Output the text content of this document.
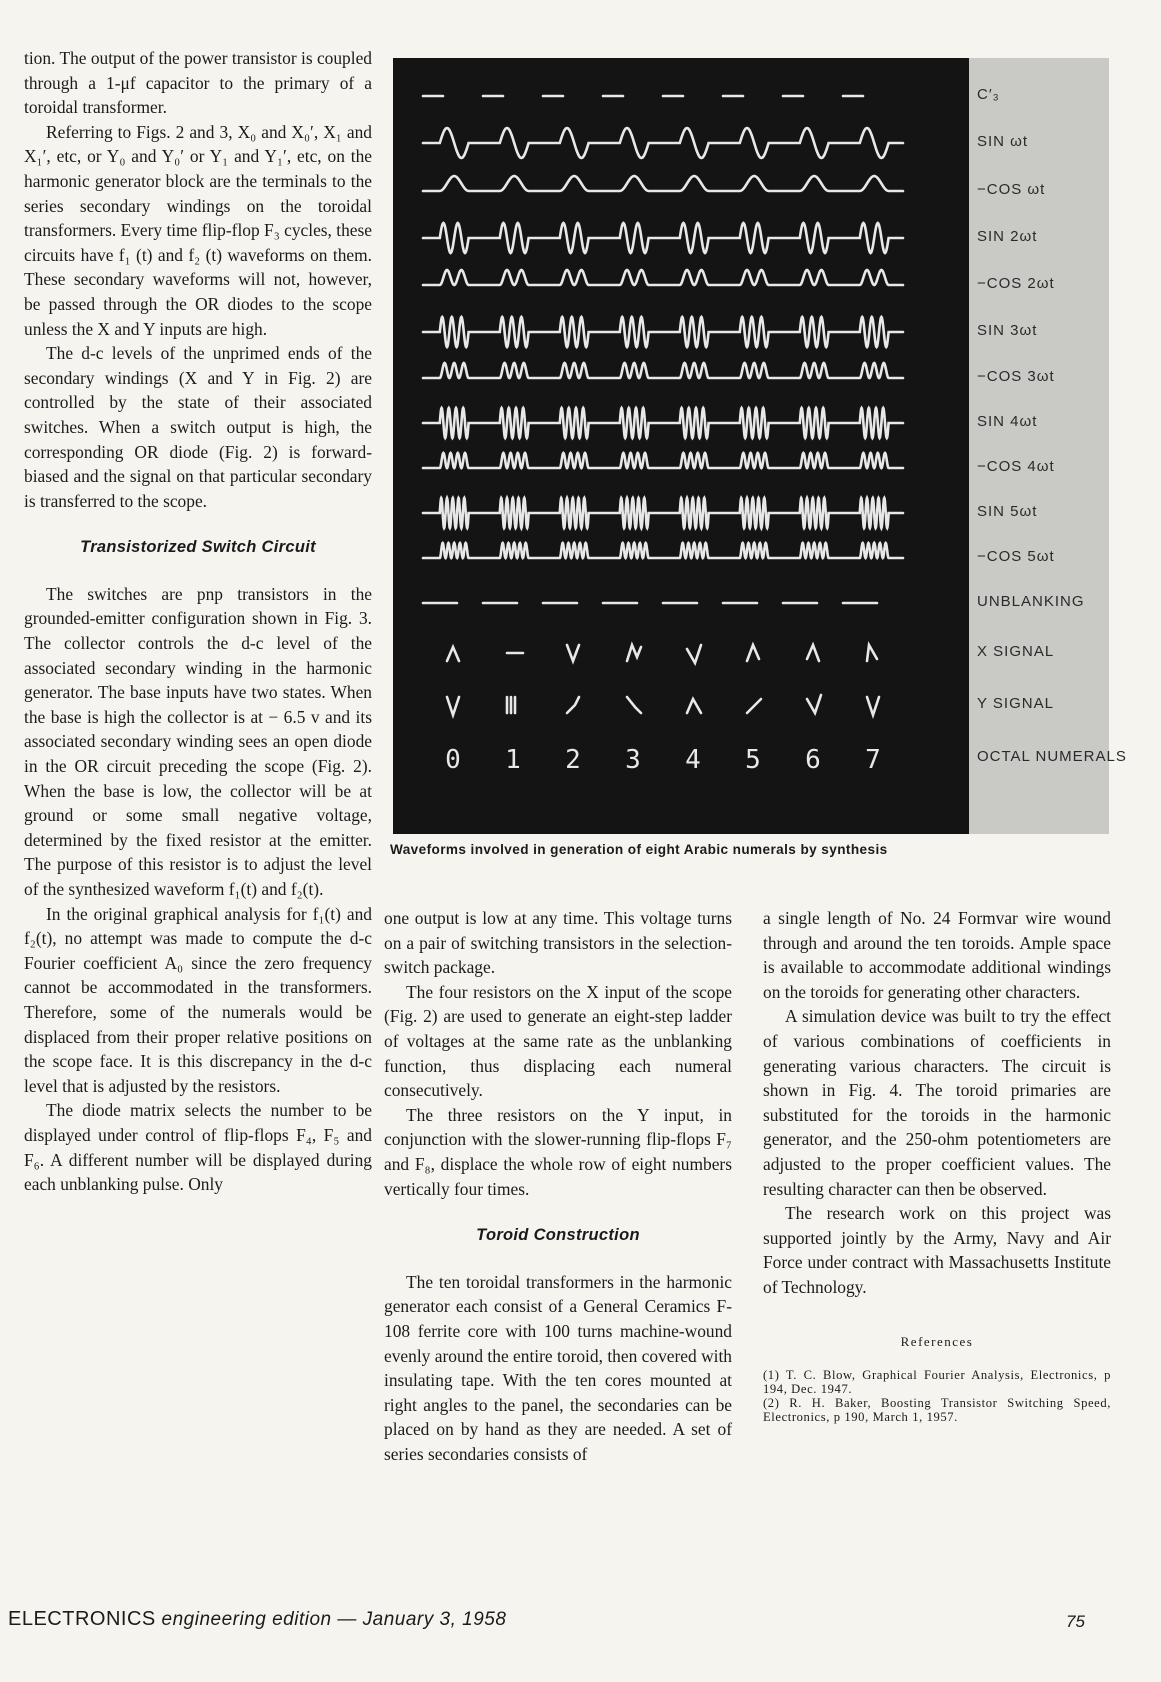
tion. The output of the power transistor is coupled through a 1-μf capacitor to the primary of a toroidal transformer.

Referring to Figs. 2 and 3, X₀ and X₀′, X₁ and X₁′, etc, or Y₀ and Y₀′ or Y₁ and Y₁′, etc, on the harmonic generator block are the terminals to the series secondary windings on the toroidal transformers. Every time flip-flop F₃ cycles, these circuits have f₁ (t) and f₂ (t) waveforms on them. These secondary waveforms will not, however, be passed through the OR diodes to the scope unless the X and Y inputs are high.

The d-c levels of the unprimed ends of the secondary windings (X and Y in Fig. 2) are controlled by the state of their associated switches. When a switch output is high, the corresponding OR diode (Fig. 2) is forward-biased and the signal on that particular secondary is transferred to the scope.

Transistorized Switch Circuit

The switches are pnp transistors in the grounded-emitter configuration shown in Fig. 3. The collector controls the d-c level of the associated secondary winding in the harmonic generator. The base inputs have two states. When the base is high the collector is at − 6.5 v and its associated secondary winding sees an open diode in the OR circuit preceding the scope (Fig. 2). When the base is low, the collector will be at ground or some small negative voltage, determined by the fixed resistor at the emitter. The purpose of this resistor is to adjust the level of the synthesized waveform f₁(t) and f₂(t).

In the original graphical analysis for f₁(t) and f₂(t), no attempt was made to compute the d-c Fourier coefficient A₀ since the zero frequency cannot be accommodated in the transformers. Therefore, some of the numerals would be displaced from their proper relative positions on the scope face. It is this discrepancy in the d-c level that is adjusted by the resistors.

The diode matrix selects the number to be displayed under control of flip-flops F₄, F₅ and F₆. A different number will be displayed during each unblanking pulse. Only

0 1 2 3 4 5 6 7
C′₃
SIN ωt
−COS ωt
SIN 2ωt
−COS 2ωt
SIN 3ωt
−COS 3ωt
SIN 4ωt
−COS 4ωt
SIN 5ωt
−COS 5ωt
UNBLANKING
X SIGNAL
Y SIGNAL
OCTAL NUMERALS
Waveforms involved in generation of eight Arabic numerals by synthesis

one output is low at any time. This voltage turns on a pair of switching transistors in the selection-switch package.

The four resistors on the X input of the scope (Fig. 2) are used to generate an eight-step ladder of voltages at the same rate as the unblanking function, thus displacing each numeral consecutively.

The three resistors on the Y input, in conjunction with the slower-running flip-flops F₇ and F₈, displace the whole row of eight numbers vertically four times.

Toroid Construction

The ten toroidal transformers in the harmonic generator each consist of a General Ceramics F-108 ferrite core with 100 turns machine-wound evenly around the entire toroid, then covered with insulating tape. With the ten cores mounted at right angles to the panel, the secondaries can be placed on by hand as they are needed. A set of series secondaries consists of

a single length of No. 24 Formvar wire wound through and around the ten toroids. Ample space is available to accommodate additional windings on the toroids for generating other characters.

A simulation device was built to try the effect of various combinations of coefficients in generating various characters. The circuit is shown in Fig. 4. The toroid primaries are substituted for the toroids in the harmonic generator, and the 250-ohm potentiometers are adjusted to the proper coefficient values. The resulting character can then be observed.

The research work on this project was supported jointly by the Army, Navy and Air Force under contract with Massachusetts Institute of Technology.

References

(1) T. C. Blow, Graphical Fourier Analysis, Electronics, p 194, Dec. 1947.

(2) R. H. Baker, Boosting Transistor Switching Speed, Electronics, p 190, March 1, 1957.

ELECTRONICS engineering edition — January 3, 1958	75
